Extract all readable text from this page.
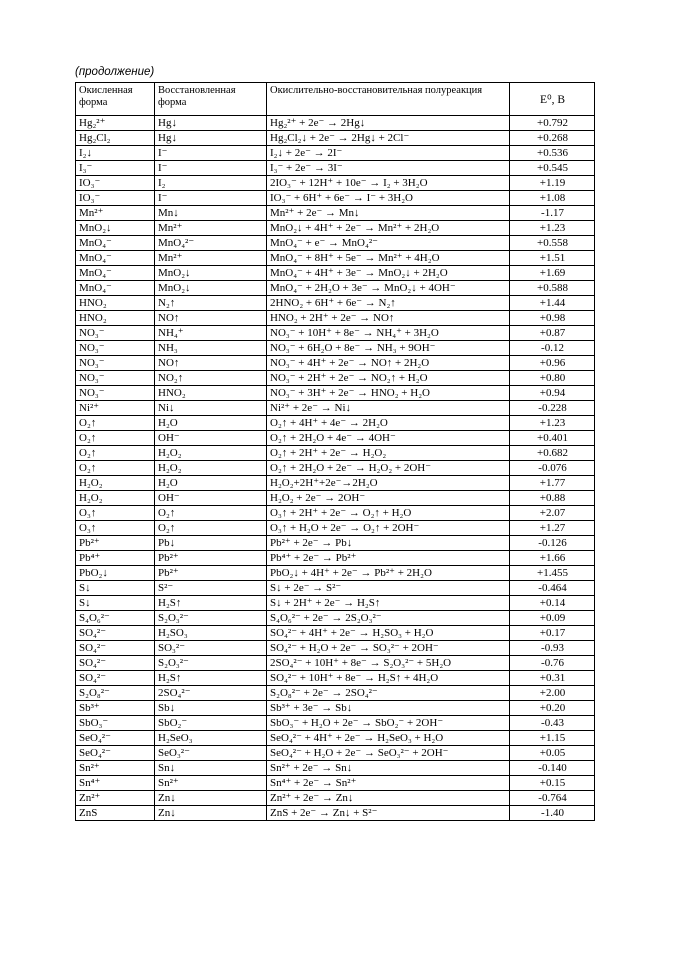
(продолжение)
Окисленная форма	Восстановленная форма	Окислительно-восстановительная полуреакция	E⁰, В
Hg₂²⁺	Hg↓	Hg₂²⁺ + 2e⁻ → 2Hg↓	+0.792
Hg₂Cl₂	Hg↓	Hg₂Cl₂↓ + 2e⁻ → 2Hg↓ + 2Cl⁻	+0.268
I₂↓	I⁻	I₂↓ + 2e⁻ → 2I⁻	+0.536
I₃⁻	I⁻	I₃⁻ + 2e⁻ → 3I⁻	+0.545
IO₃⁻	I₂	2IO₃⁻ + 12H⁺ + 10e⁻ → I₂ + 3H₂O	+1.19
IO₃⁻	I⁻	IO₃⁻ + 6H⁺ + 6e⁻ → I⁻ + 3H₂O	+1.08
Mn²⁺	Mn↓	Mn²⁺ + 2e⁻ → Mn↓	-1.17
MnO₂↓	Mn²⁺	MnO₂↓ + 4H⁺ + 2e⁻ → Mn²⁺ + 2H₂O	+1.23
MnO₄⁻	MnO₄²⁻	MnO₄⁻ + e⁻ → MnO₄²⁻	+0.558
MnO₄⁻	Mn²⁺	MnO₄⁻ + 8H⁺ + 5e⁻ → Mn²⁺ + 4H₂O	+1.51
MnO₄⁻	MnO₂↓	MnO₄⁻ + 4H⁺ + 3e⁻ → MnO₂↓ + 2H₂O	+1.69
MnO₄⁻	MnO₂↓	MnO₄⁻ + 2H₂O + 3e⁻ → MnO₂↓ + 4OH⁻	+0.588
HNO₂	N₂↑	2HNO₂ + 6H⁺ + 6e⁻ → N₂↑	+1.44
HNO₂	NO↑	HNO₂ + 2H⁺ + 2e⁻ → NO↑	+0.98
NO₃⁻	NH₄⁺	NO₃⁻ + 10H⁺ + 8e⁻ → NH₄⁺ + 3H₂O	+0.87
NO₃⁻	NH₃	NO₃⁻ + 6H₂O + 8e⁻ → NH₃ + 9OH⁻	-0.12
NO₃⁻	NO↑	NO₃⁻ + 4H⁺ + 2e⁻ → NO↑ + 2H₂O	+0.96
NO₃⁻	NO₂↑	NO₃⁻ + 2H⁺ + 2e⁻ → NO₂↑ + H₂O	+0.80
NO₃⁻	HNO₂	NO₃⁻ + 3H⁺ + 2e⁻ → HNO₂ + H₂O	+0.94
Ni²⁺	Ni↓	Ni²⁺ + 2e⁻ → Ni↓	-0.228
O₂↑	H₂O	O₂↑ + 4H⁺ + 4e⁻ → 2H₂O	+1.23
O₂↑	OH⁻	O₂↑ + 2H₂O + 4e⁻ → 4OH⁻	+0.401
O₂↑	H₂O₂	O₂↑ + 2H⁺ + 2e⁻ → H₂O₂	+0.682
O₂↑	H₂O₂	O₂↑ + 2H₂O + 2e⁻ → H₂O₂ + 2OH⁻	-0.076
H₂O₂	H₂O	H₂O₂+2H⁺+2e⁻→2H₂O	+1.77
H₂O₂	OH⁻	H₂O₂ + 2e⁻ → 2OH⁻	+0.88
O₃↑	O₂↑	O₃↑ + 2H⁺ + 2e⁻ → O₂↑ + H₂O	+2.07
O₃↑	O₂↑	O₃↑ + H₂O + 2e⁻ → O₂↑ + 2OH⁻	+1.27
Pb²⁺	Pb↓	Pb²⁺ + 2e⁻ → Pb↓	-0.126
Pb⁴⁺	Pb²⁺	Pb⁴⁺ + 2e⁻ → Pb²⁺	+1.66
PbO₂↓	Pb²⁺	PbO₂↓ + 4H⁺ + 2e⁻ → Pb²⁺ + 2H₂O	+1.455
S↓	S²⁻	S↓ + 2e⁻ → S²⁻	-0.464
S↓	H₂S↑	S↓ + 2H⁺ + 2e⁻ → H₂S↑	+0.14
S₄O₆²⁻	S₂O₃²⁻	S₄O₆²⁻ + 2e⁻ → 2S₂O₃²⁻	+0.09
SO₄²⁻	H₂SO₃	SO₄²⁻ + 4H⁺ + 2e⁻ → H₂SO₃ + H₂O	+0.17
SO₄²⁻	SO₃²⁻	SO₄²⁻ + H₂O + 2e⁻ → SO₃²⁻ + 2OH⁻	-0.93
SO₄²⁻	S₂O₃²⁻	2SO₄²⁻ + 10H⁺ + 8e⁻ → S₂O₃²⁻ + 5H₂O	-0.76
SO₄²⁻	H₂S↑	SO₄²⁻ + 10H⁺ + 8e⁻ → H₂S↑ + 4H₂O	+0.31
S₂O₈²⁻	2SO₄²⁻	S₂O₈²⁻ + 2e⁻ → 2SO₄²⁻	+2.00
Sb³⁺	Sb↓	Sb³⁺ + 3e⁻ → Sb↓	+0.20
SbO₃⁻	SbO₂⁻	SbO₃⁻ + H₂O + 2e⁻ → SbO₂⁻ + 2OH⁻	-0.43
SeO₄²⁻	H₂SeO₃	SeO₄²⁻ + 4H⁺ + 2e⁻ → H₂SeO₃ + H₂O	+1.15
SeO₄²⁻	SeO₃²⁻	SeO₄²⁻ + H₂O + 2e⁻ → SeO₃²⁻ + 2OH⁻	+0.05
Sn²⁺	Sn↓	Sn²⁺ + 2e⁻ → Sn↓	-0.140
Sn⁴⁺	Sn²⁺	Sn⁴⁺ + 2e⁻ → Sn²⁺	+0.15
Zn²⁺	Zn↓	Zn²⁺ + 2e⁻ → Zn↓	-0.764
ZnS	Zn↓	ZnS + 2e⁻ → Zn↓ + S²⁻	-1.40
